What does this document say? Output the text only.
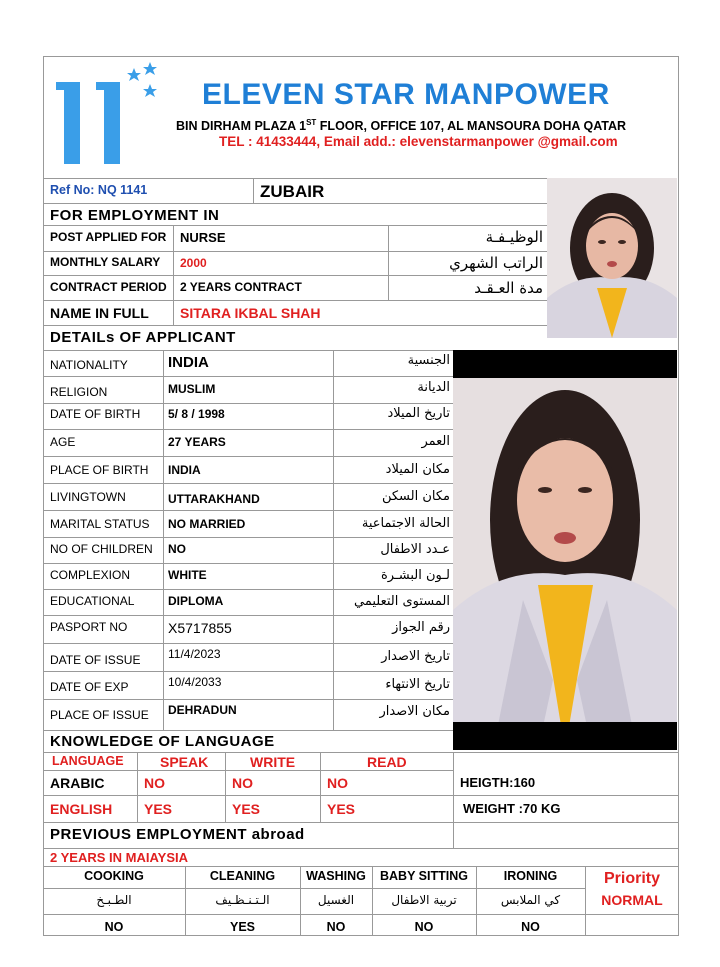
ELEVEN STAR MANPOWER
BIN DIRHAM PLAZA 1ST FLOOR, OFFICE 107, AL MANSOURA DOHA QATAR
TEL : 41433444, Email add.: elevenstarmanpower @gmail.com
Ref No: NQ 1141	ZUBAIR
FOR EMPLOYMENT IN
POST APPLIED FOR NURSE	الوظيـفـة
MONTHLY SALARY 2000	الراتب الشهري
CONTRACT PERIOD 2 YEARS CONTRACT	مدة العـقـد
NAME IN FULL SITARA IKBAL SHAH
DETAILs OF APPLICANT
NATIONALITY	INDIA	الجنسية
RELIGION	MUSLIM	الديانة
DATE OF BIRTH 5/ 8 / 1998	تاريخ الميلاد
AGE	27 YEARS	العمر
PLACE OF BIRTH INDIA	مكان الميلاد
LIVINGTOWN	UTTARAKHAND	مكان السكن
MARITAL STATUS NO MARRIED	الحالة الاجتماعية
NO OF CHILDREN NO	عـدد الاطفال
COMPLEXION	WHITE	لـون البشـرة
EDUCATIONAL	DIPLOMA	المستوى التعليمي
PASPORT NO	X5717855	رقم الجواز
DATE OF ISSUE 11/4/2023	تاريخ الاصدار
DATE OF EXP	10/4/2033	تاريخ الانتهاء
PLACE OF ISSUE DEHRADUN	مكان الاصدار
KNOWLEDGE OF LANGUAGE
LANGUAGE	SPEAK	WRITE	READ
ARABIC	NO	NO	NO	HEIGTH:160
ENGLISH YES	YES	YES	WEIGHT :70 KG
PREVIOUS EMPLOYMENT abroad
2 YEARS IN MAIAYSIA
COOKING	CLEANING	WASHING	BABY SITTING	IRONING
الطـبـخ	الـتـنـظـيف	الغسيل	تربية الاطفال	كي الملابس
NO	YES	NO	NO	NO
Priority
NORMAL
